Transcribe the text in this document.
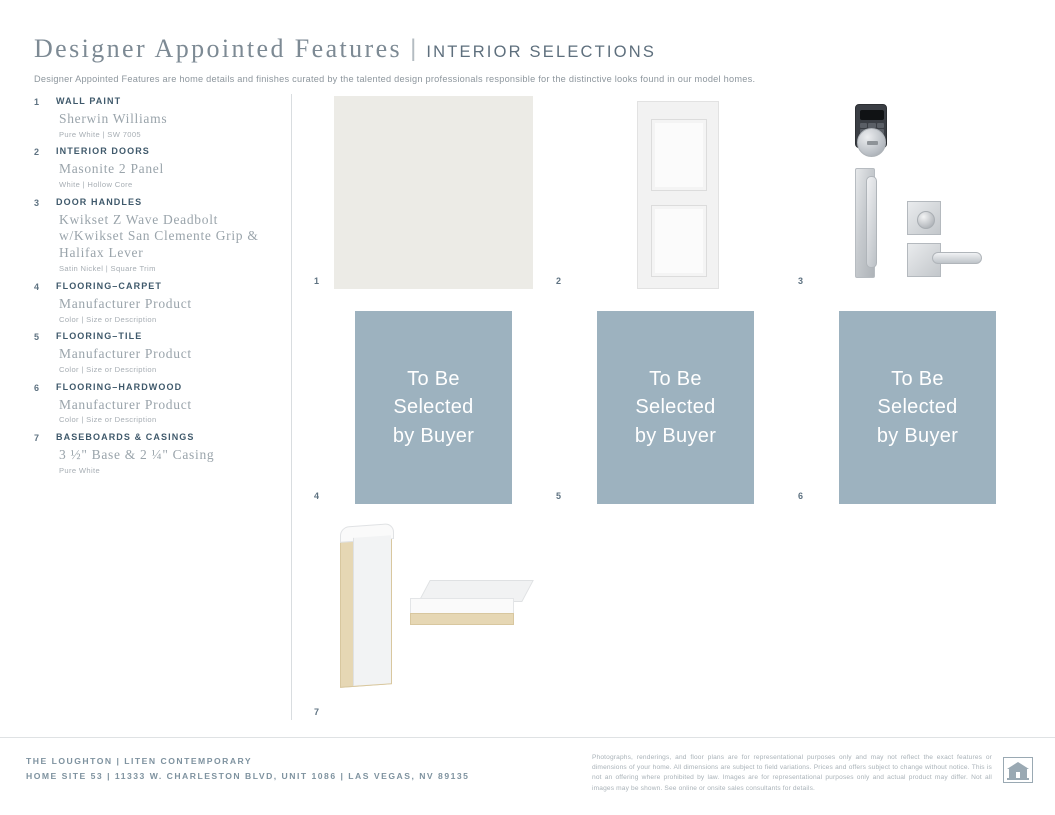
Designer Appointed Features | INTERIOR SELECTIONS
Designer Appointed Features are home details and finishes curated by the talented design professionals responsible for the distinctive looks found in our model homes.
1 WALL PAINT
Sherwin Williams
Pure White | SW 7005
2 INTERIOR DOORS
Masonite 2 Panel
White | Hollow Core
3 DOOR HANDLES
Kwikset Z Wave Deadbolt w/Kwikset San Clemente Grip & Halifax Lever
Satin Nickel | Square Trim
4 FLOORING–CARPET
Manufacturer Product
Color | Size or Description
5 FLOORING–TILE
Manufacturer Product
Color | Size or Description
6 FLOORING–HARDWOOD
Manufacturer Product
Color | Size or Description
7 BASEBOARDS & CASINGS
3 ½" Base & 2 ¼" Casing
Pure White
1	2	3
To Be
Selected
by Buyer
4
To Be
Selected
by Buyer
5
To Be
Selected
by Buyer
6
7
THE LOUGHTON | LITEN CONTEMPORARY
HOME SITE 53 | 11333 W. CHARLESTON BLVD, UNIT 1086 | LAS VEGAS, NV 89135
Photographs, renderings, and floor plans are for representational purposes only and may not reflect the exact features or dimensions of your home. All dimensions are subject to field variations. Prices and offers subject to change without notice. This is not an offering where prohibited by law. Images are for representational purposes only and actual product may differ. Not all images may be shown. See online or onsite sales consultants for details.
